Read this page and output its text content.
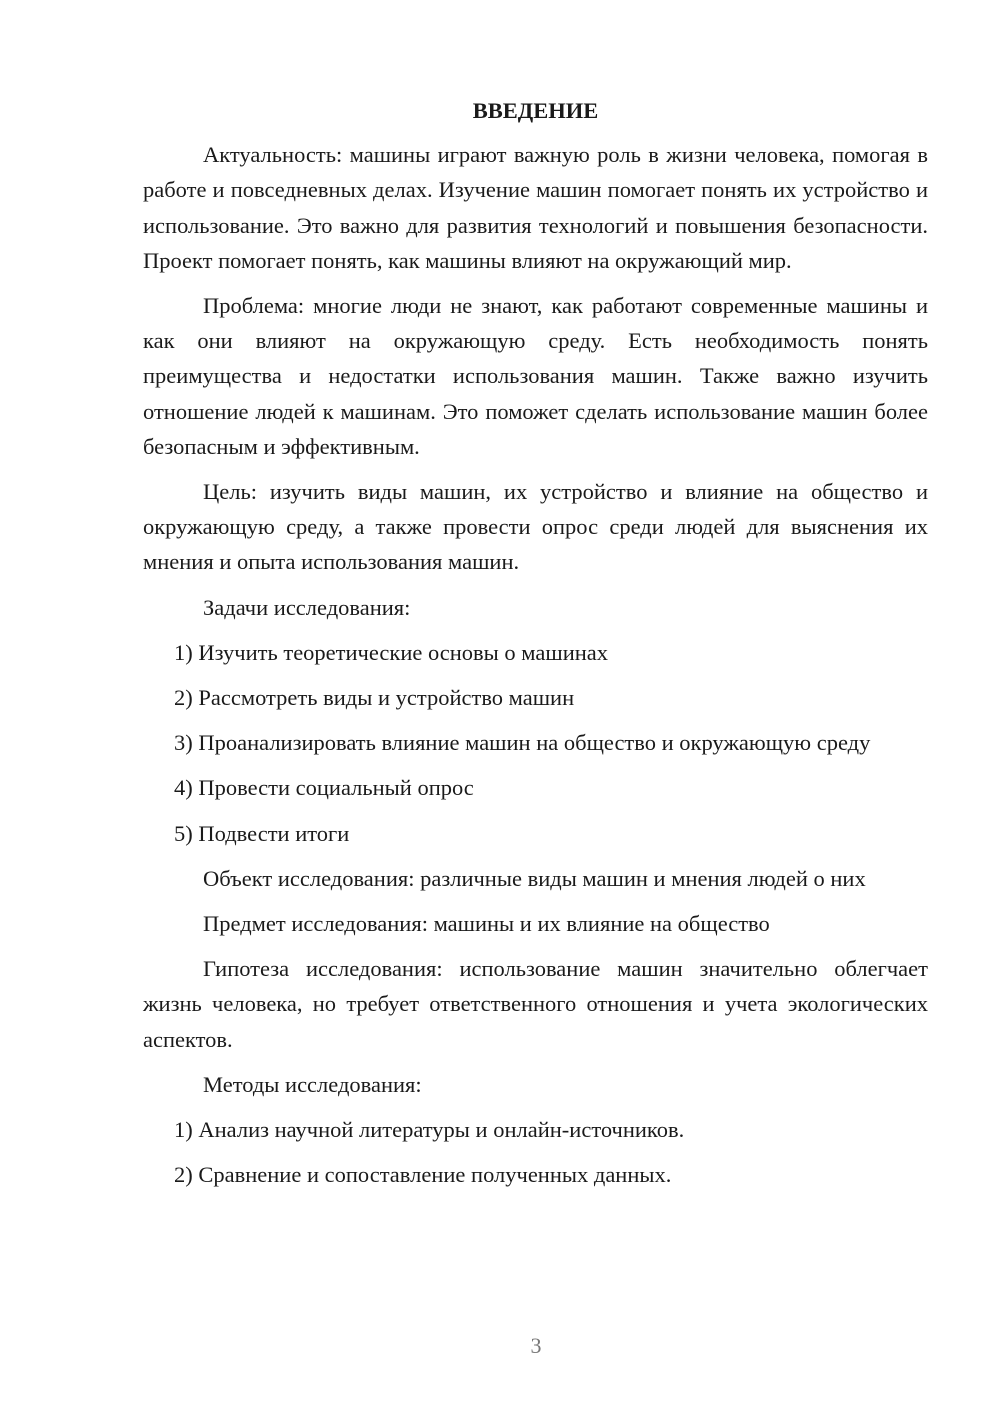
ВВЕДЕНИЕ

Актуальность: машины играют важную роль в жизни человека, помогая в работе и повседневных делах. Изучение машин помогает понять их устройство и использование. Это важно для развития технологий и повышения безопасности. Проект помогает понять, как машины влияют на окружающий мир.

Проблема: многие люди не знают, как работают современные машины и как они влияют на окружающую среду. Есть необходимость понять преимущества и недостатки использования машин. Также важно изучить отношение людей к машинам. Это поможет сделать использование машин более безопасным и эффективным.

Цель: изучить виды машин, их устройство и влияние на общество и окружающую среду, а также провести опрос среди людей для выяснения их мнения и опыта использования машин.

Задачи исследования:

1) Изучить теоретические основы о машинах

2) Рассмотреть виды и устройство машин

3) Проанализировать влияние машин на общество и окружающую среду

4) Провести социальный опрос

5) Подвести итоги

Объект исследования: различные виды машин и мнения людей о них

Предмет исследования: машины и их влияние на общество

Гипотеза исследования: использование машин значительно облегчает жизнь человека, но требует ответственного отношения и учета экологических аспектов.

Методы исследования:

1) Анализ научной литературы и онлайн-источников.

2) Сравнение и сопоставление полученных данных.

3
